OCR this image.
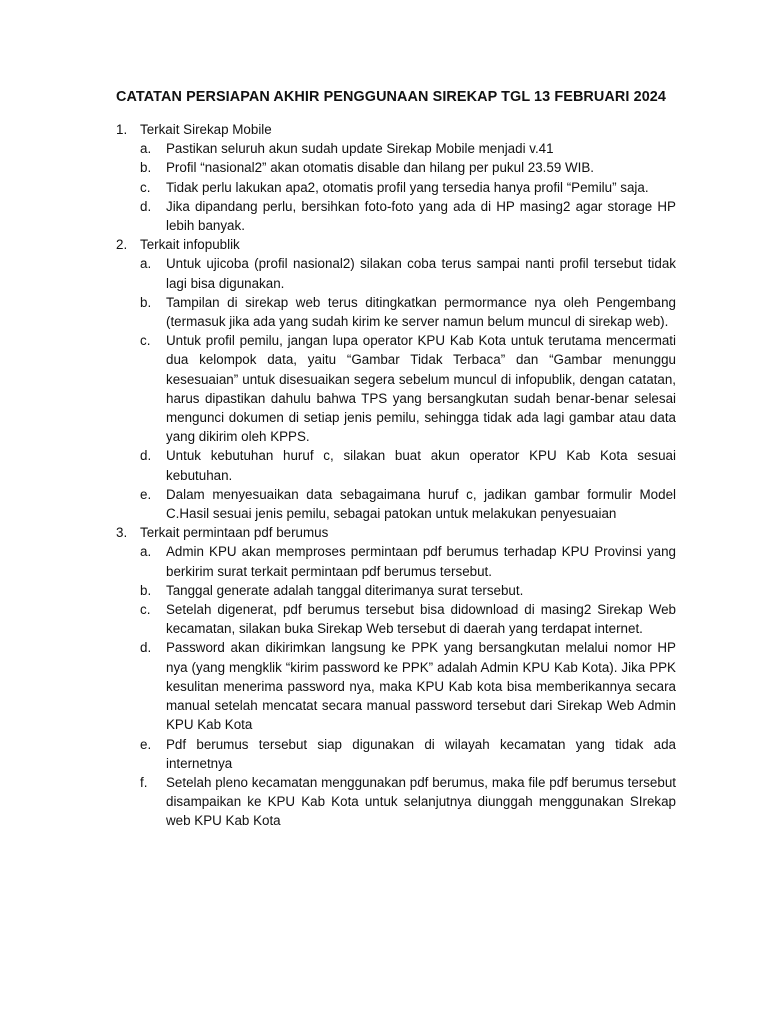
CATATAN PERSIAPAN AKHIR PENGGUNAAN SIREKAP TGL 13 FEBRUARI 2024
1. Terkait Sirekap Mobile
a. Pastikan seluruh akun sudah update Sirekap Mobile menjadi v.41
b. Profil “nasional2” akan otomatis disable dan hilang per pukul 23.59 WIB.
c. Tidak perlu lakukan apa2, otomatis profil yang tersedia hanya profil “Pemilu” saja.
d. Jika dipandang perlu, bersihkan foto-foto yang ada di HP masing2 agar storage HP lebih banyak.
2. Terkait infopublik
a. Untuk ujicoba (profil nasional2) silakan coba terus sampai nanti profil tersebut tidak lagi bisa digunakan.
b. Tampilan di sirekap web terus ditingkatkan permormance nya oleh Pengembang (termasuk jika ada yang sudah kirim ke server namun belum muncul di sirekap web).
c. Untuk profil pemilu, jangan lupa operator KPU Kab Kota untuk terutama mencermati dua kelompok data, yaitu “Gambar Tidak Terbaca” dan “Gambar menunggu kesesuaian” untuk disesuaikan segera sebelum muncul di infopublik, dengan catatan, harus dipastikan dahulu bahwa TPS yang bersangkutan sudah benar-benar selesai mengunci dokumen di setiap jenis pemilu, sehingga tidak ada lagi gambar atau data yang dikirim oleh KPPS.
d. Untuk kebutuhan huruf c, silakan buat akun operator KPU Kab Kota sesuai kebutuhan.
e. Dalam menyesuaikan data sebagaimana huruf c, jadikan gambar formulir Model C.Hasil sesuai jenis pemilu, sebagai patokan untuk melakukan penyesuaian
3. Terkait permintaan pdf berumus
a. Admin KPU akan memproses permintaan pdf berumus terhadap KPU Provinsi yang berkirim surat terkait permintaan pdf berumus tersebut.
b. Tanggal generate adalah tanggal diterimanya surat tersebut.
c. Setelah digenerat, pdf berumus tersebut bisa didownload di masing2 Sirekap Web kecamatan, silakan buka Sirekap Web tersebut di daerah yang terdapat internet.
d. Password akan dikirimkan langsung ke PPK yang bersangkutan melalui nomor HP nya (yang mengklik “kirim password ke PPK” adalah Admin KPU Kab Kota). Jika PPK kesulitan menerima password nya, maka KPU Kab kota bisa memberikannya secara manual setelah mencatat secara manual password tersebut dari Sirekap Web Admin KPU Kab Kota
e. Pdf berumus tersebut siap digunakan di wilayah kecamatan yang tidak ada internetnya
f. Setelah pleno kecamatan menggunakan pdf berumus, maka file pdf berumus tersebut disampaikan ke KPU Kab Kota untuk selanjutnya diunggah menggunakan SIrekap web KPU Kab Kota
